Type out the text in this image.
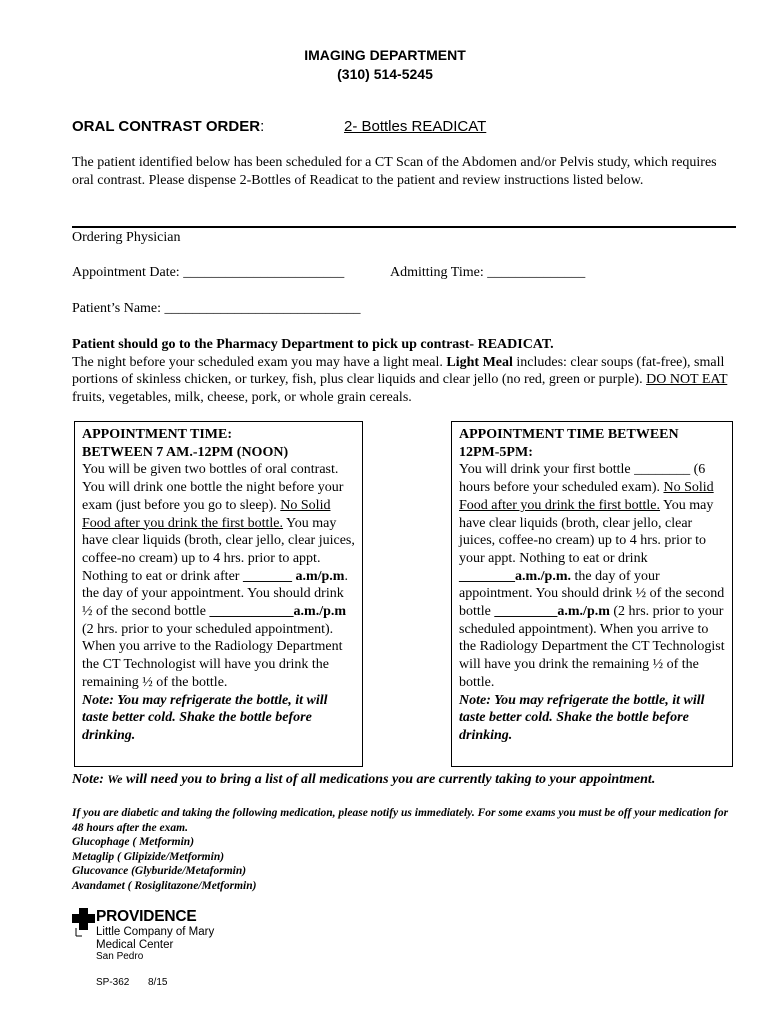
IMAGING DEPARTMENT
(310) 514-5245
ORAL CONTRAST ORDER:	2- Bottles READICAT
The patient identified below has been scheduled for a CT Scan of the Abdomen and/or Pelvis study, which requires oral contrast. Please dispense 2-Bottles of Readicat to the patient and review instructions listed below.
Ordering Physician
Appointment Date: _______________________	Admitting Time: ______________
Patient’s Name: ____________________________
Patient should go to the Pharmacy Department to pick up contrast- READICAT.
The night before your scheduled exam you may have a light meal. Light Meal includes: clear soups (fat-free), small portions of skinless chicken, or turkey, fish, plus clear liquids and clear jello (no red, green or purple). DO NOT EAT fruits, vegetables, milk, cheese, pork, or whole grain cereals.
APPOINTMENT TIME:
BETWEEN 7 AM.-12PM (NOON)
You will be given two bottles of oral contrast. You will drink one bottle the night before your exam (just before you go to sleep). No Solid Food after you drink the first bottle. You may have clear liquids (broth, clear jello, clear juices, coffee-no cream) up to 4 hrs. prior to appt. Nothing to eat or drink after _______ a.m/p.m. the day of your appointment. You should drink ½ of the second bottle ____________a.m./p.m
(2 hrs. prior to your scheduled appointment). When you arrive to the Radiology Department the CT Technologist will have you drink the remaining ½ of the bottle.
Note: You may refrigerate the bottle, it will taste better cold. Shake the bottle before drinking.
APPOINTMENT TIME BETWEEN
12PM-5PM:
You will drink your first bottle ________ (6 hours before your scheduled exam). No Solid Food after you drink the first bottle. You may have clear liquids (broth, clear jello, clear juices, coffee-no cream) up to 4 hrs. prior to your appt. Nothing to eat or drink ________a.m./p.m. the day of your appointment. You should drink ½ of the second bottle _________a.m./p.m (2 hrs. prior to your scheduled appointment). When you arrive to the Radiology Department the CT Technologist will have you drink the remaining ½ of the bottle.
Note: You may refrigerate the bottle, it will taste better cold. Shake the bottle before drinking.
Note: We will need you to bring a list of all medications you are currently taking to your appointment.
If you are diabetic and taking the following medication, please notify us immediately. For some exams you must be off your medication for 48 hours after the exam.
Glucophage ( Metformin)
Metaglip ( Glipizide/Metformin)
Glucovance (Glyburide/Metaformin)
Avandamet ( Rosiglitazone/Metformin)
PROVIDENCE
Little Company of Mary
Medical Center
San Pedro
SP-362 8/15
